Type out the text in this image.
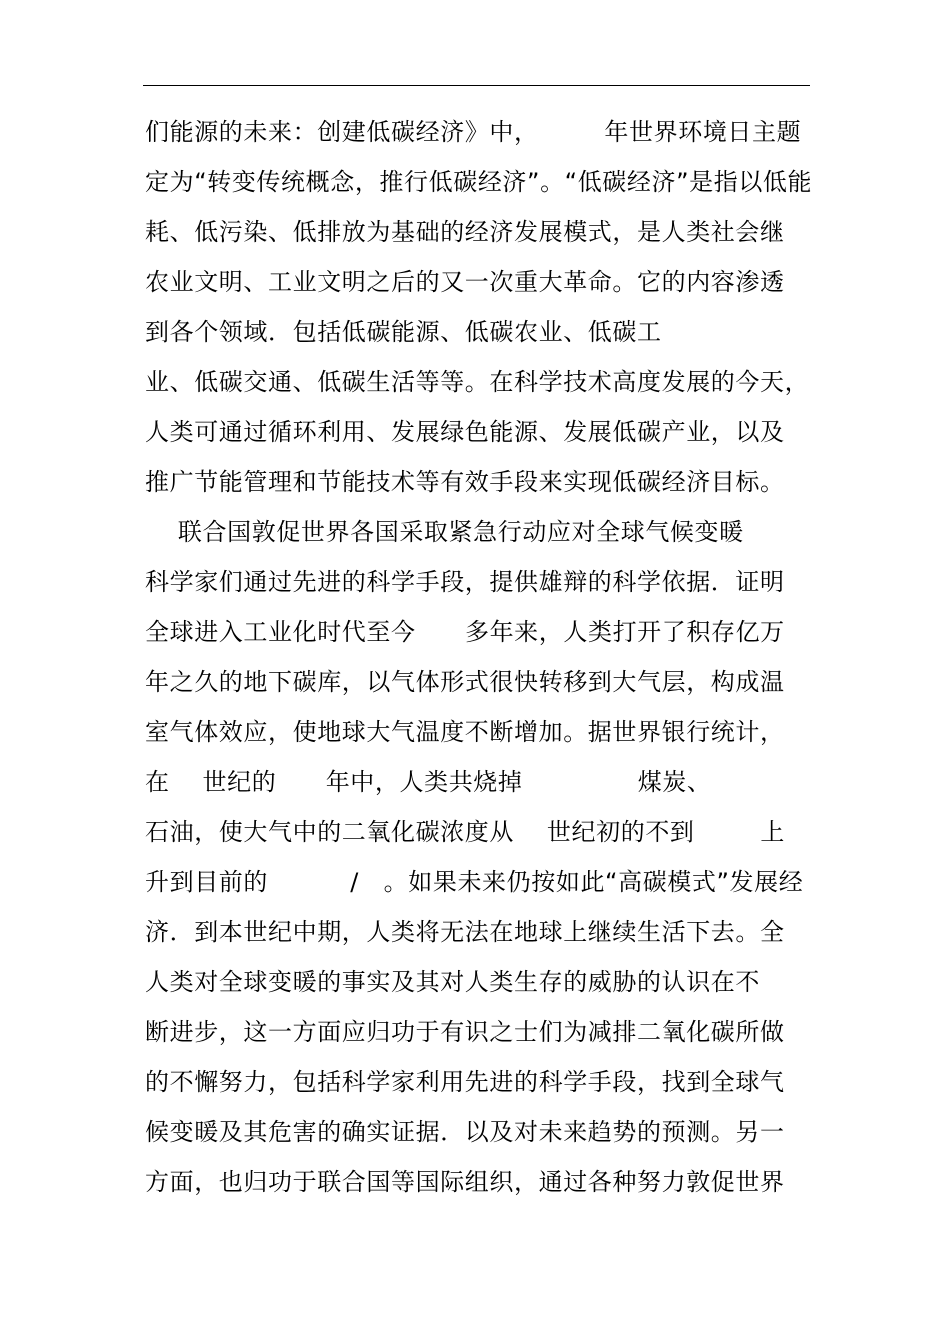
们能源的未来：创建低碳经济》中，        年世界环境日主题
定为“转变传统概念，推行低碳经济”。“低碳经济”是指以低能
耗、低污染、低排放为基础的经济发展模式，是人类社会继
农业文明、工业文明之后的又一次重大革命。它的内容渗透
到各个领域．包括低碳能源、低碳农业、低碳工
业、低碳交通、低碳生活等等。在科学技术高度发展的今天，
人类可通过循环利用、发展绿色能源、发展低碳产业，以及
推广节能管理和节能技术等有效手段来实现低碳经济目标。
联合国敦促世界各国采取紧急行动应对全球气候变暖
科学家们通过先进的科学手段，提供雄辩的科学依据．证明
全球进入工业化时代至今      多年来，人类打开了积存亿万
年之久的地下碳库，以气体形式很快转移到大气层，构成温
室气体效应，使地球大气温度不断增加。据世界银行统计，
在    世纪的      年中，人类共烧掉              煤炭、
石油，使大气中的二氧化碳浓度从    世纪初的不到        上
升到目前的          /   。如果未来仍按如此“高碳模式”发展经
济．到本世纪中期，人类将无法在地球上继续生活下去。全
人类对全球变暖的事实及其对人类生存的威胁的认识在不
断进步，这一方面应归功于有识之士们为减排二氧化碳所做
的不懈努力，包括科学家利用先进的科学手段，找到全球气
候变暖及其危害的确实证据．以及对未来趋势的预测。另一
方面，也归功于联合国等国际组织，通过各种努力敦促世界
